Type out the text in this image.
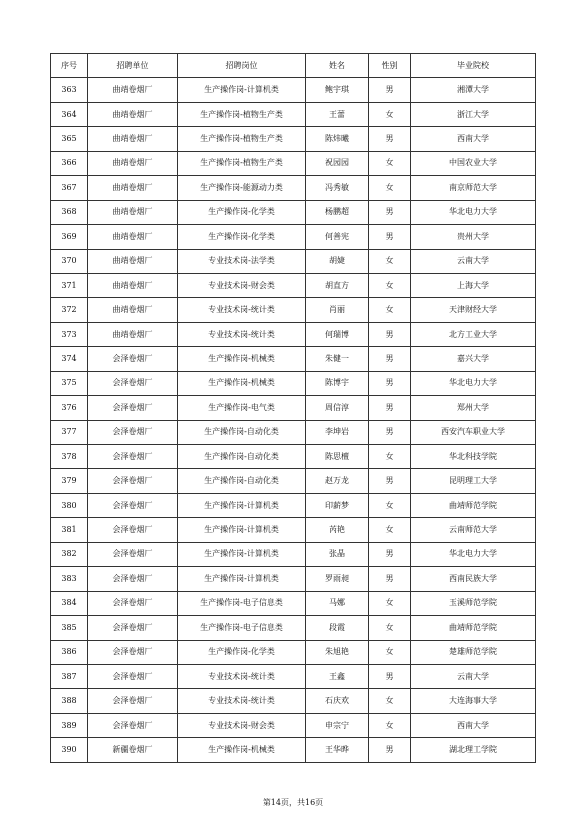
序号	招聘单位	招聘岗位	姓名	性别	毕业院校
363	曲靖卷烟厂	生产操作岗-计算机类	鲍宇琪	男	湘潭大学
364	曲靖卷烟厂	生产操作岗-植物生产类	王蕾	女	浙江大学
365	曲靖卷烟厂	生产操作岗-植物生产类	陈炜曦	男	西南大学
366	曲靖卷烟厂	生产操作岗-植物生产类	祝园园	女	中国农业大学
367	曲靖卷烟厂	生产操作岗-能源动力类	冯秀敏	女	南京师范大学
368	曲靖卷烟厂	生产操作岗-化学类	杨鹏超	男	华北电力大学
369	曲靖卷烟厂	生产操作岗-化学类	何善宪	男	贵州大学
370	曲靖卷烟厂	专业技术岗-法学类	胡婕	女	云南大学
371	曲靖卷烟厂	专业技术岗-财会类	胡直方	女	上海大学
372	曲靖卷烟厂	专业技术岗-统计类	肖丽	女	天津财经大学
373	曲靖卷烟厂	专业技术岗-统计类	何瑞博	男	北方工业大学
374	会泽卷烟厂	生产操作岗-机械类	朱健一	男	嘉兴大学
375	会泽卷烟厂	生产操作岗-机械类	陈博宇	男	华北电力大学
376	会泽卷烟厂	生产操作岗-电气类	周信淳	男	郑州大学
377	会泽卷烟厂	生产操作岗-自动化类	李坤岩	男	西安汽车职业大学
378	会泽卷烟厂	生产操作岗-自动化类	陈思檀	女	华北科技学院
379	会泽卷烟厂	生产操作岗-自动化类	赵万龙	男	昆明理工大学
380	会泽卷烟厂	生产操作岗-计算机类	印薪梦	女	曲靖师范学院
381	会泽卷烟厂	生产操作岗-计算机类	芮艳	女	云南师范大学
382	会泽卷烟厂	生产操作岗-计算机类	张晶	男	华北电力大学
383	会泽卷烟厂	生产操作岗-计算机类	罗雨昶	男	西南民族大学
384	会泽卷烟厂	生产操作岗-电子信息类	马娜	女	玉溪师范学院
385	会泽卷烟厂	生产操作岗-电子信息类	段霞	女	曲靖师范学院
386	会泽卷烟厂	生产操作岗-化学类	朱旭艳	女	楚雄师范学院
387	会泽卷烟厂	专业技术岗-统计类	王鑫	男	云南大学
388	会泽卷烟厂	专业技术岗-统计类	石庆欢	女	大连海事大学
389	会泽卷烟厂	专业技术岗-财会类	申宗宁	女	西南大学
390	新疆卷烟厂	生产操作岗-机械类	王华晔	男	湖北理工学院
第14页，共16页
